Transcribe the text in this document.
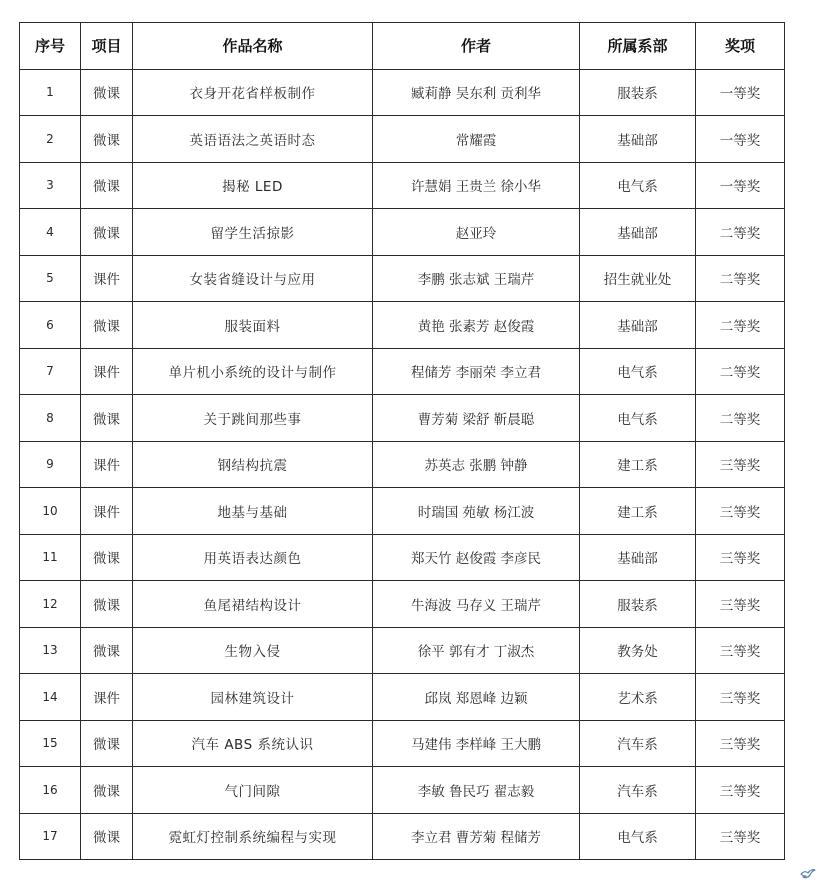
序号	项目	作品名称	作者	所属系部	奖项
1	微课	衣身开花省样板制作	臧莉静 吴东利 贡利华	服装系	一等奖
2	微课	英语语法之英语时态	常耀霞	基础部	一等奖
3	微课	揭秘 LED	许慧娟 王贵兰 徐小华	电气系	一等奖
4	微课	留学生活掠影	赵亚玲	基础部	二等奖
5	课件	女装省缝设计与应用	李鹏 张志斌 王瑞芹	招生就业处	二等奖
6	微课	服装面料	黄艳 张素芳 赵俊霞	基础部	二等奖
7	课件	单片机小系统的设计与制作	程储芳 李丽荣 李立君	电气系	二等奖
8	微课	关于跳间那些事	曹芳菊 梁舒 靳晨聪	电气系	二等奖
9	课件	钢结构抗震	苏英志 张鹏 钟静	建工系	三等奖
10	课件	地基与基础	时瑞国 苑敏 杨江波	建工系	三等奖
11	微课	用英语表达颜色	郑天竹 赵俊霞 李彦民	基础部	三等奖
12	微课	鱼尾裙结构设计	牛海波 马存义 王瑞芹	服装系	三等奖
13	微课	生物入侵	徐平 郭有才 丁淑杰	教务处	三等奖
14	课件	园林建筑设计	邱岚 郑恩峰 边颖	艺术系	三等奖
15	微课	汽车 ABS 系统认识	马建伟 李样峰 王大鹏	汽车系	三等奖
16	微课	气门间隙	李敏 鲁民巧 翟志毅	汽车系	三等奖
17	微课	霓虹灯控制系统编程与实现	李立君 曹芳菊 程储芳	电气系	三等奖
